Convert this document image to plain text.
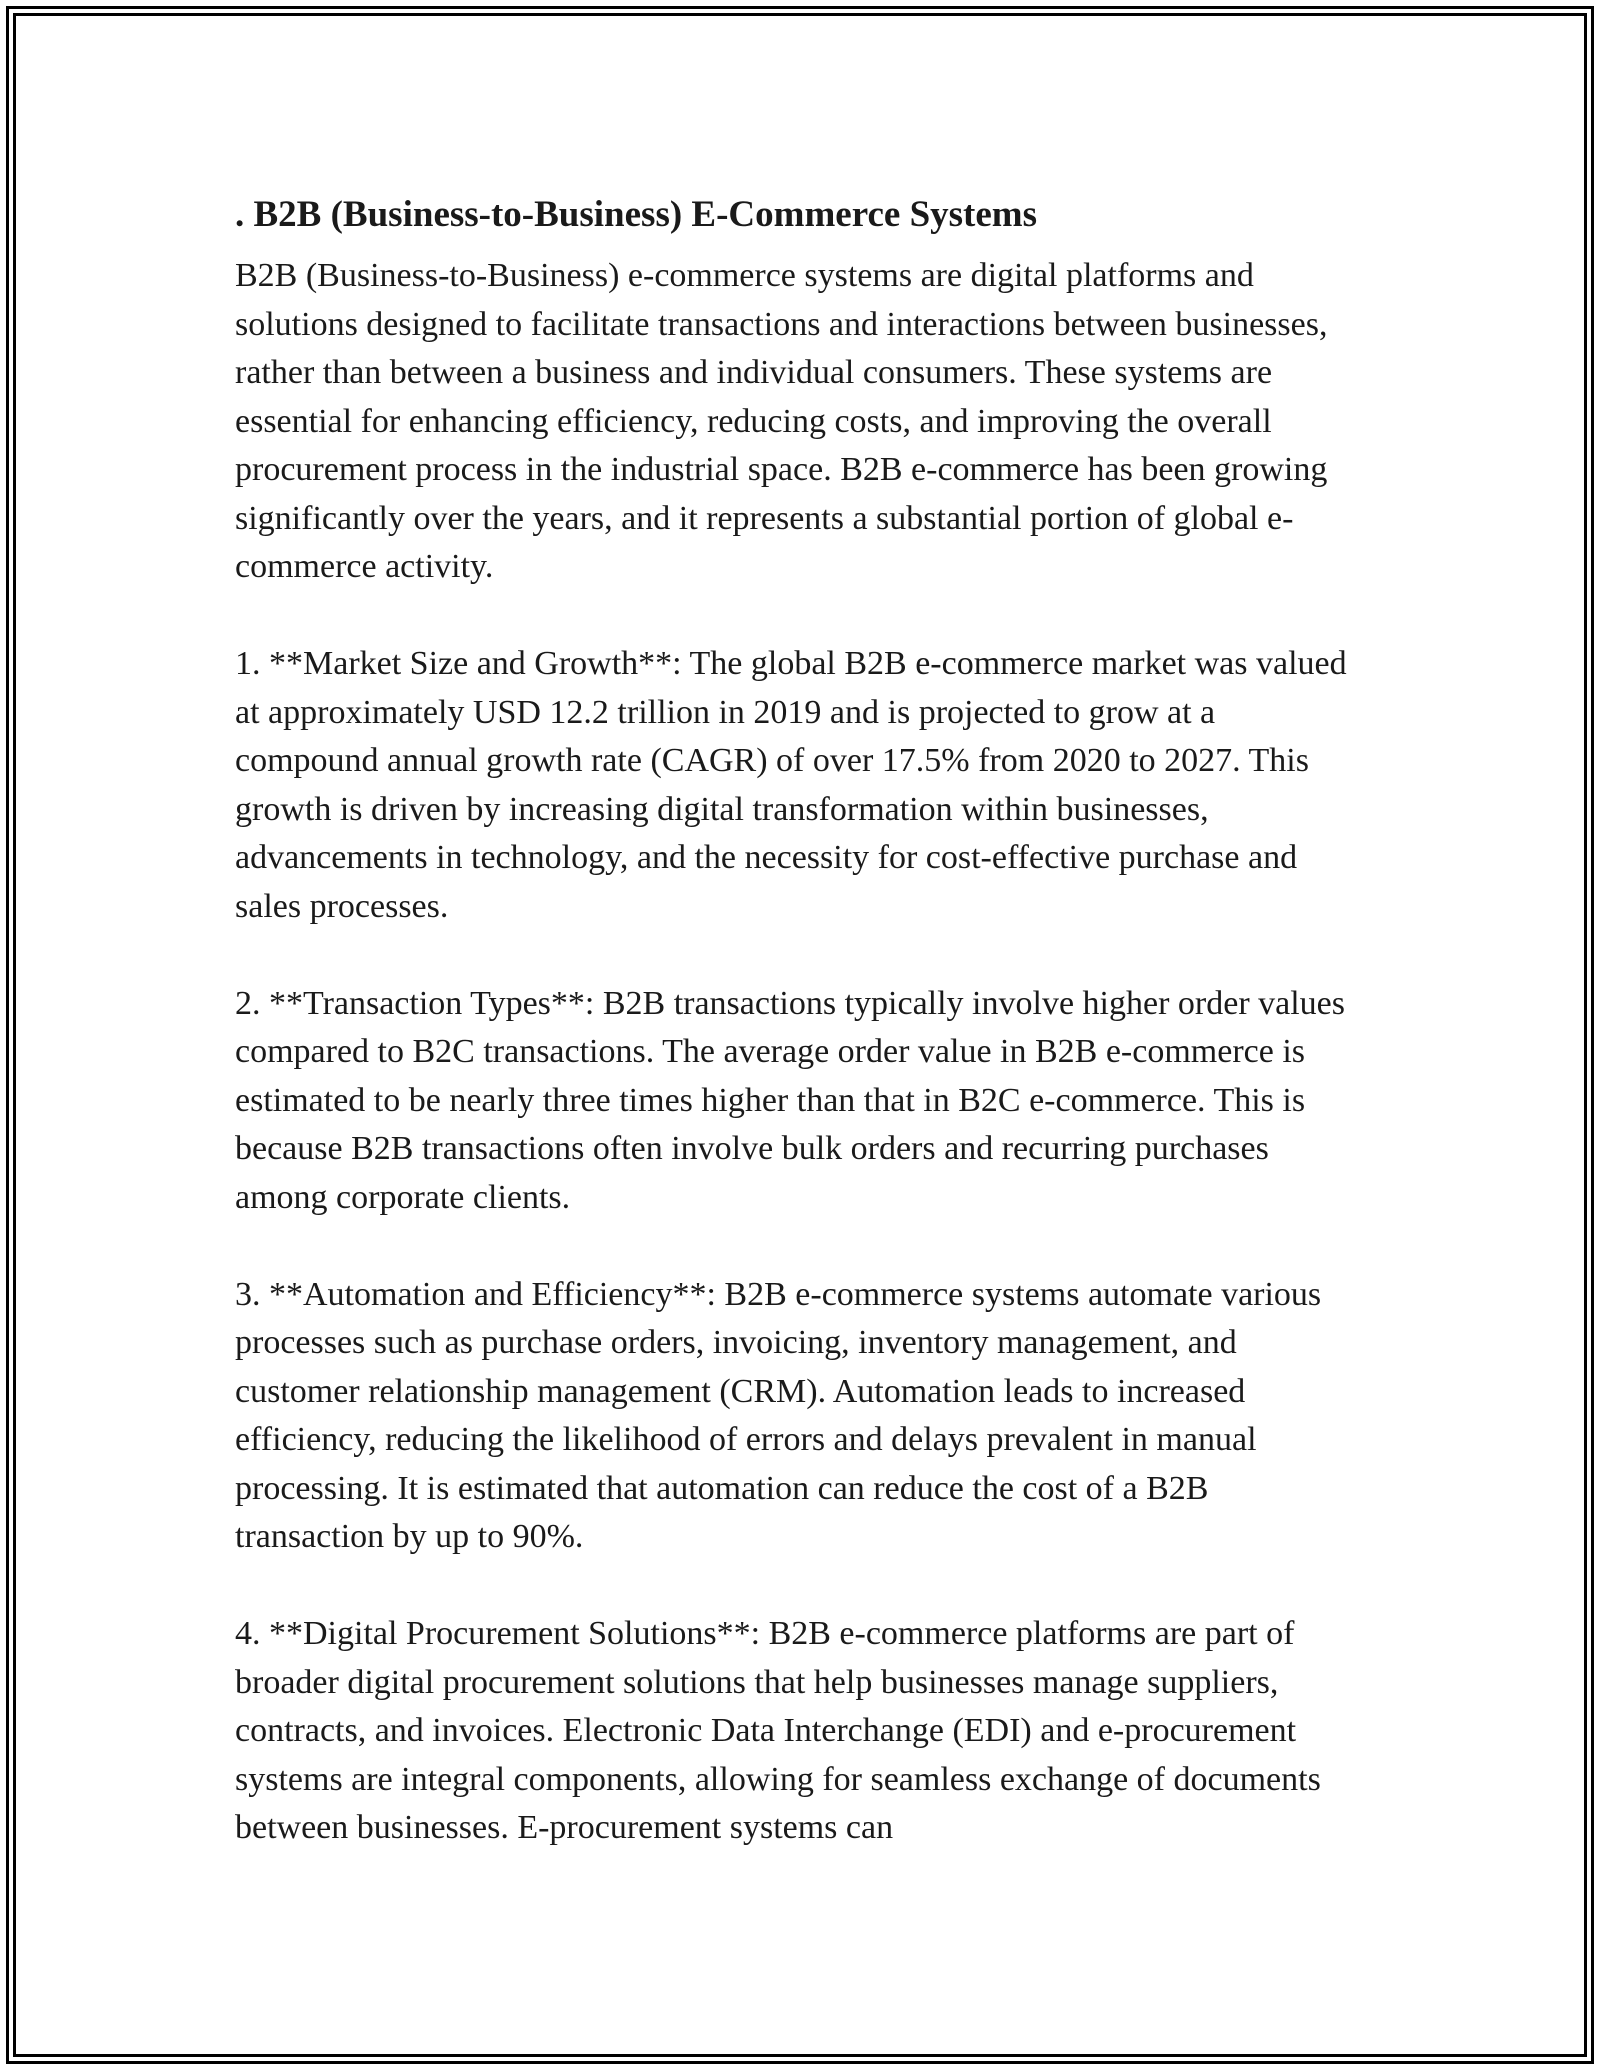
. B2B (Business-to-Business) E-Commerce Systems

B2B (Business-to-Business) e-commerce systems are digital platforms and solutions designed to facilitate transactions and interactions between businesses, rather than between a business and individual consumers. These systems are essential for enhancing efficiency, reducing costs, and improving the overall procurement process in the industrial space. B2B e-commerce has been growing significantly over the years, and it represents a substantial portion of global e-commerce activity.

1. **Market Size and Growth**: The global B2B e-commerce market was valued at approximately USD 12.2 trillion in 2019 and is projected to grow at a compound annual growth rate (CAGR) of over 17.5% from 2020 to 2027. This growth is driven by increasing digital transformation within businesses, advancements in technology, and the necessity for cost-effective purchase and sales processes.

2. **Transaction Types**: B2B transactions typically involve higher order values compared to B2C transactions. The average order value in B2B e-commerce is estimated to be nearly three times higher than that in B2C e-commerce. This is because B2B transactions often involve bulk orders and recurring purchases among corporate clients.

3. **Automation and Efficiency**: B2B e-commerce systems automate various processes such as purchase orders, invoicing, inventory management, and customer relationship management (CRM). Automation leads to increased efficiency, reducing the likelihood of errors and delays prevalent in manual processing. It is estimated that automation can reduce the cost of a B2B transaction by up to 90%.

4. **Digital Procurement Solutions**: B2B e-commerce platforms are part of broader digital procurement solutions that help businesses manage suppliers, contracts, and invoices. Electronic Data Interchange (EDI) and e-procurement systems are integral components, allowing for seamless exchange of documents between businesses. E-procurement systems can
